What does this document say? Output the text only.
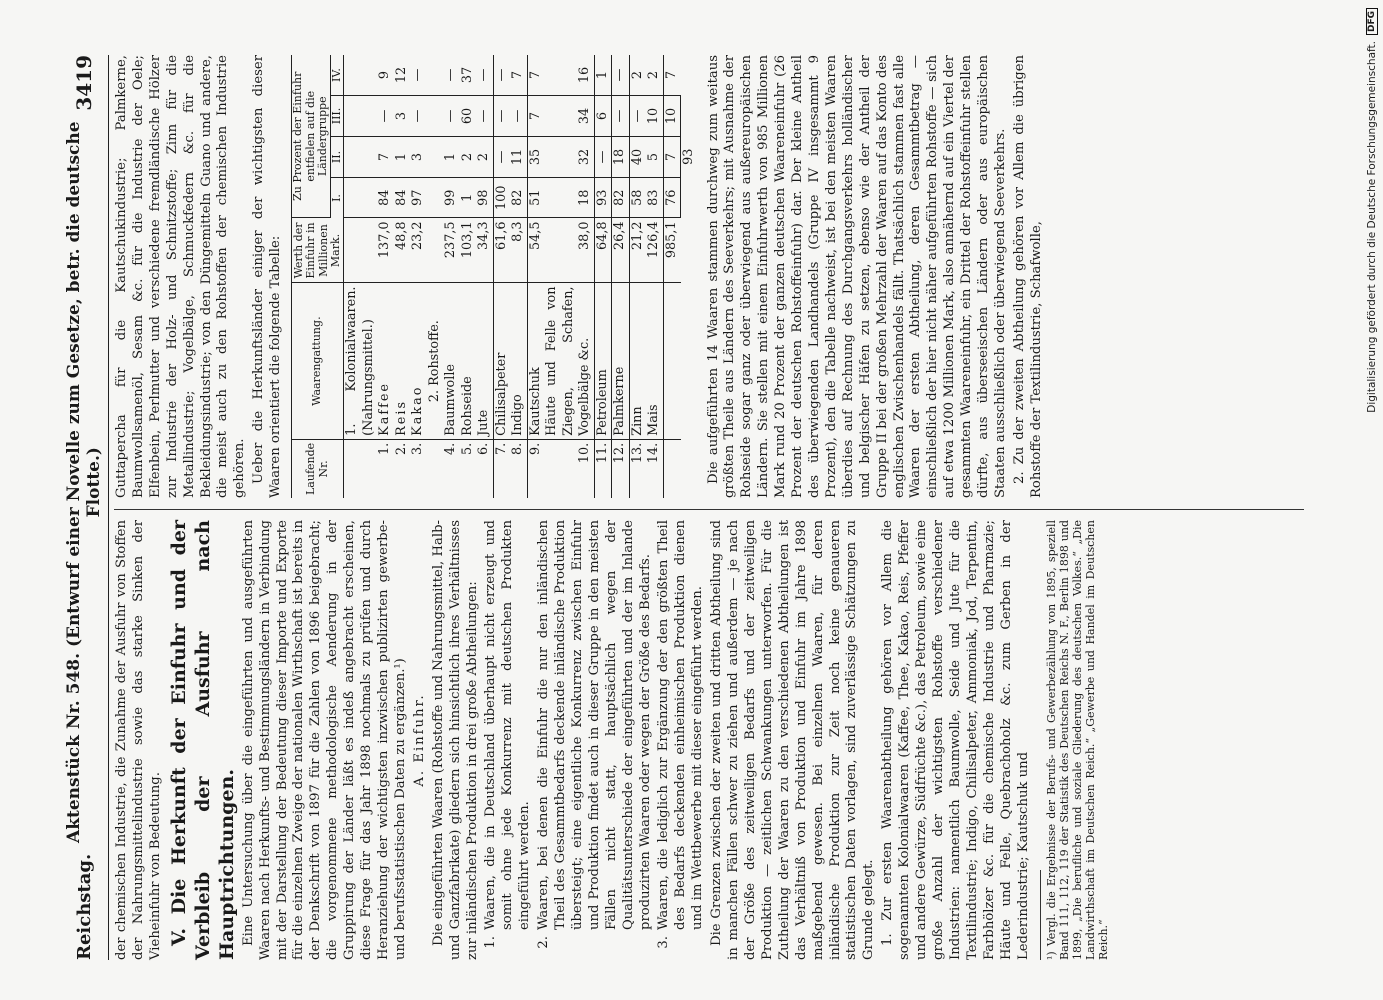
Reichstag.
Aktenstück Nr. 548. (Entwurf einer Novelle zum Gesetze, betr. die deutsche Flotte.)
3419

der chemischen Industrie, die Zunahme der Ausfuhr von Stoffen der Nahrungsmittelindustrie sowie das starke Sinken der Vieheinfuhr von Bedeutung. V. Die Herkunft der Einfuhr und der Verbleib der Ausfuhr nach Hauptrichtungen. Eine Untersuchung über die eingeführten und ausgeführten Waaren nach Herkunfts- und Bestimmungsländern in Verbindung mit der Darstellung der Bedeutung dieser Importe und Exporte für die einzelnen Zweige der nationalen Wirthschaft ist bereits in der Denkschrift von 1897 für die Zahlen von 1896 beigebracht; die vorgenommene methodologische Aenderung in der Gruppirung der Länder läßt es indeß angebracht erscheinen, diese Frage für das Jahr 1898 nochmals zu prüfen und durch Heranziehung der wichtigsten inzwischen publizirten gewerbe- und berufsstatistischen Daten zu ergänzen.¹) A. Einfuhr. Die eingeführten Waaren (Rohstoffe und Nahrungsmittel, Halb- und Ganzfabrikate) gliedern sich hinsichtlich ihres Verhältnisses zur inländischen Produktion in drei große Abtheilungen: 1.
Waaren, die in Deutschland überhaupt nicht erzeugt und somit ohne jede Konkurrenz mit deutschen Produkten eingeführt werden.
2.
Waaren, bei denen die Einfuhr die nur den inländischen Theil des Gesammtbedarfs deckende inländische Produktion übersteigt; eine eigentliche Konkurrenz zwischen Einfuhr und Produktion findet auch in dieser Gruppe in den meisten Fällen nicht statt, hauptsächlich wegen der Qualitätsunterschiede der eingeführten und der im Inlande produzirten Waaren oder wegen der Größe des Bedarfs.
3.
Waaren, die lediglich zur Ergänzung der den größten Theil des Bedarfs deckenden einheimischen Produktion dienen und im Wettbewerbe mit dieser eingeführt werden. Die Grenzen zwischen der zweiten und dritten Abtheilung sind in manchen Fällen schwer zu ziehen und außerdem — je nach der Größe des zeitweiligen Bedarfs und der zeitweiligen Produktion — zeitlichen Schwankungen unterworfen. Für die Zutheilung der Waaren zu den verschiedenen Abtheilungen ist das Verhältniß von Produktion und Einfuhr im Jahre 1898 maßgebend gewesen. Bei einzelnen Waaren, für deren inländische Produktion zur Zeit noch keine genaueren statistischen Daten vorlagen, sind zuverlässige Schätzungen zu Grunde gelegt. 1. Zur ersten Waarenabtheilung gehören vor Allem die sogenannten Kolonialwaaren (Kaffee, Thee, Kakao, Reis, Pfeffer und andere Gewürze, Südfrüchte &c.), das Petroleum, sowie eine große Anzahl der wichtigsten Rohstoffe verschiedener Industrien: namentlich Baumwolle, Seide und Jute für die Textilindustrie; Indigo, Chilisalpeter, Ammoniak, Jod, Terpentin, Farbhölzer &c. für die chemische Industrie und Pharmazie; Häute und Felle, Quebrachoholz &c. zum Gerben in der Lederindustrie; Kautschuk und ¹) Vergl. die Ergebnisse der Berufs- und Gewerbezählung von 1895, speziell Band 111, 112, 119 der Statistik des Deutschen Reichs N. F., Berlin 1898 und 1899, „Die berufliche und soziale Gliederung des deutschen Volkes.“ „Die Landwirthschaft im Deutschen Reich.“ „Gewerbe und Handel im Deutschen Reich.“

Guttapercha für die Kautschukindustrie; Palmkerne, Baumwollsamenöl, Sesam &c. für die Industrie der Oele; Elfenbein, Perlmutter und verschiedene fremdländische Hölzer zur Industrie der Holz- und Schnitzstoffe; Zinn für die Metallindustrie; Vogelbälge, Schmuckfedern &c. für die Bekleidungsindustrie; von den Düngemitteln Guano und andere, die meist auch zu den Rohstoffen der chemischen Industrie gehören. Ueber die Herkunftsländer einiger der wichtigsten dieser Waaren orientiert die folgende Tabelle: Laufende Nr.	Waarengattung.	Werth der Einfuhr in Millionen Mark.	Zu Prozent der Einfuhr entfielen auf die Ländergruppe			
			I.	II.	III.	IV.
	1. Kolonialwaaren. (Nahrungsmittel.)					
1.	Kaffee	137,0	84	7	—	9
2.	Reis	48,8	84	1	3	12
3.	Kakao	23,2	97	3	—	—
	2. Rohstoffe.					
4.	Baumwolle	237,5	99	1	—	—
5.	Rohseide	103,1	1	2	60	37
6.	Jute	34,3	98	2	—	—
7.	Chilisalpeter	61,6	100	—	—	—
8.	Indigo	8,3	82	11	—	7
9.	Kautschuk	54,5	51	35	7	7
10.	Häute und Felle von Ziegen, Schafen, Vogelbälge &c.	38,0	18	32	34	16
11.	Petroleum	64,8	93	—	6	1
12.	Palmkerne	26,4	82	18	—	—
13.	Zinn	21,2	58	40	—	2
14.	Mais	126,4	83	5	10	2
		985,1	76	7	10	7
			93			Die aufgeführten 14 Waaren stammen durchweg zum weitaus größten Theile aus Ländern des Seeverkehrs; mit Ausnahme der Rohseide sogar ganz oder überwiegend aus außereuropäischen Ländern. Sie stellen mit einem Einfuhrwerth von 985 Millionen Mark rund 20 Prozent der ganzen deutschen Waareneinfuhr (26 Prozent der deutschen Rohstoffeinfuhr) dar. Der kleine Antheil des überwiegenden Landhandels (Gruppe IV insgesammt 9 Prozent), den die Tabelle nachweist, ist bei den meisten Waaren überdies auf Rechnung des Durchgangsverkehrs holländischer und belgischer Häfen zu setzen, ebenso wie der Antheil der Gruppe II bei der großen Mehrzahl der Waaren auf das Konto des englischen Zwischenhandels fällt. Thatsächlich stammen fast alle Waaren der ersten Abtheilung, deren Gesammtbetrag — einschließlich der hier nicht näher aufgeführten Rohstoffe — sich auf etwa 1200 Millionen Mark, also annähernd auf ein Viertel der gesammten Waareneinfuhr, ein Drittel der Rohstoffeinfuhr stellen dürfte, aus überseeischen Ländern oder aus europäischen Staaten ausschließlich oder überwiegend Seeverkehrs. 2. Zu der zweiten Abtheilung gehören vor Allem die übrigen Rohstoffe der Textilindustrie, Schafwolle,	Digitalisierung gefördert durch die Deutsche Forschungsgemeinschaft.
DFG
